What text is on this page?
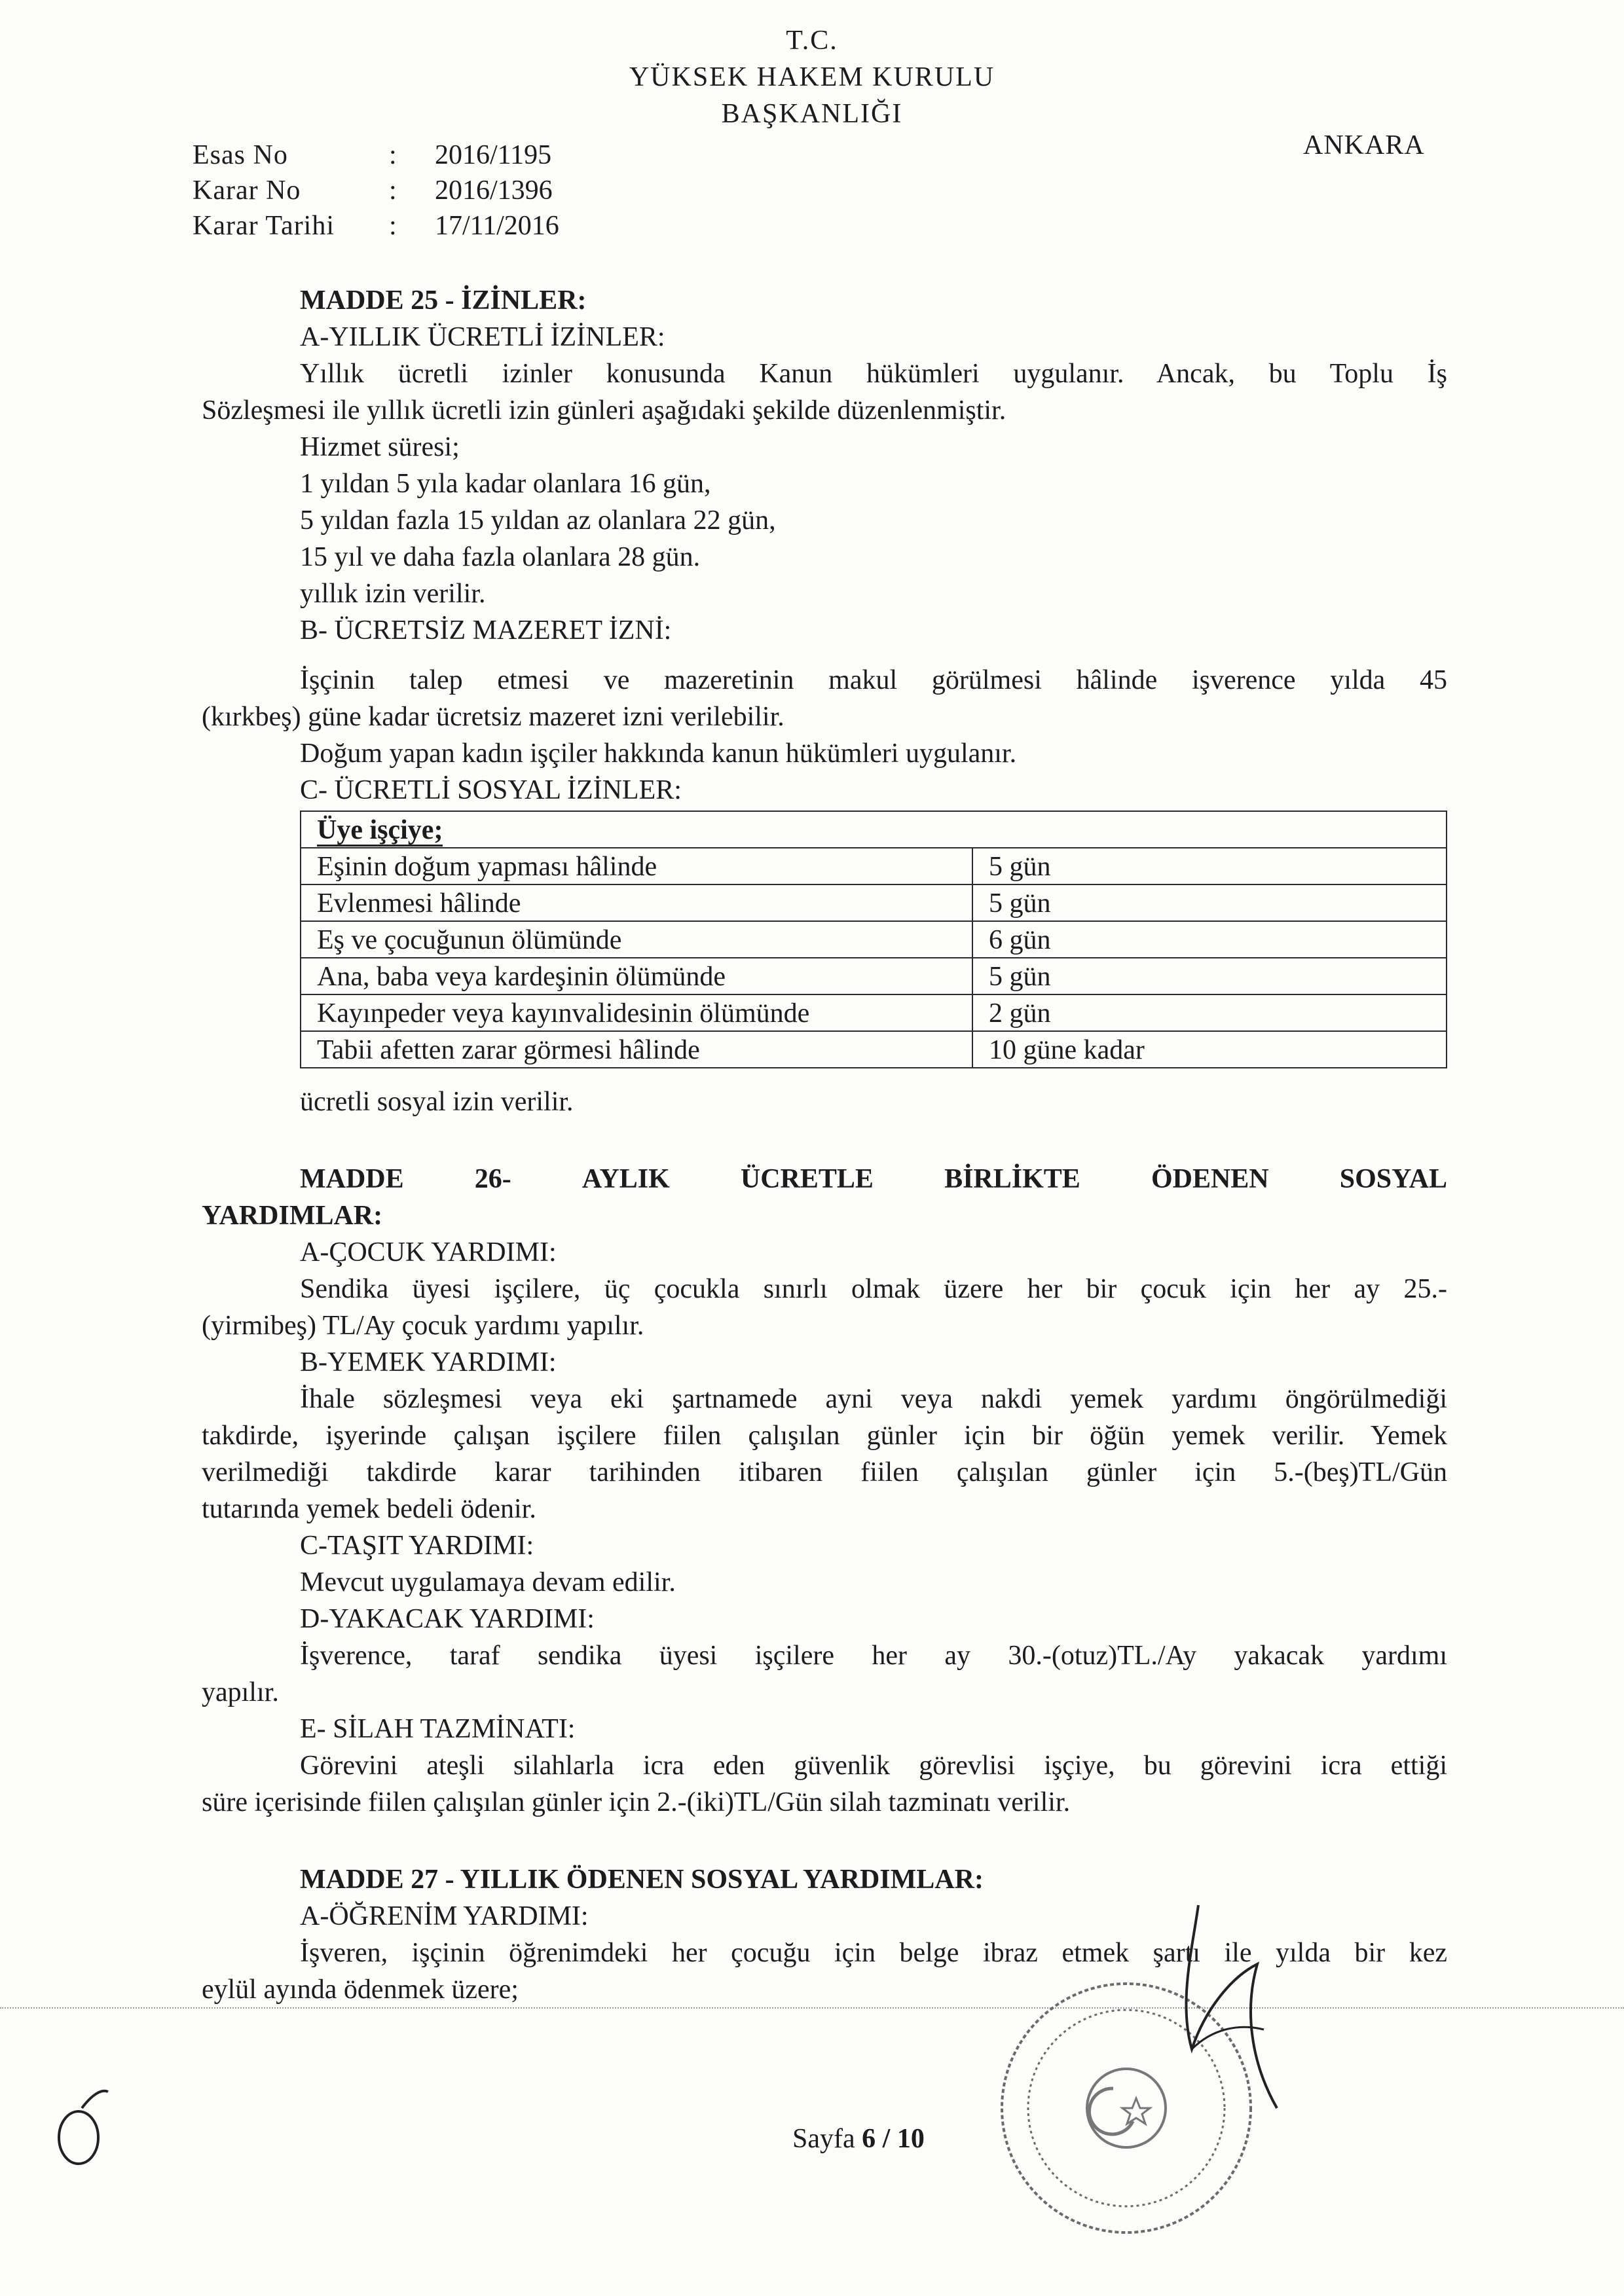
T.C.
YÜKSEK HAKEM KURULU
BAŞKANLIĞI
ANKARA
Esas No	: 2016/1195
Karar No	: 2016/1396
Karar Tarihi : 17/11/2016
MADDE 25 - İZİNLER:
A-YILLIK ÜCRETLİ İZİNLER:
Yıllık ücretli izinler konusunda Kanun hükümleri uygulanır. Ancak, bu Toplu İş
Sözleşmesi ile yıllık ücretli izin günleri aşağıdaki şekilde düzenlenmiştir.
Hizmet süresi;
1 yıldan 5 yıla kadar olanlara 16 gün,
5 yıldan fazla 15 yıldan az olanlara 22 gün,
15 yıl ve daha fazla olanlara 28 gün.
yıllık izin verilir.
B- ÜCRETSİZ MAZERET İZNİ:
İşçinin talep etmesi ve mazeretinin makul görülmesi hâlinde işverence yılda 45
(kırkbeş) güne kadar ücretsiz mazeret izni verilebilir.
Doğum yapan kadın işçiler hakkında kanun hükümleri uygulanır.
C- ÜCRETLİ SOSYAL İZİNLER:
Üye işçiye;	
Eşinin doğum yapması hâlinde	5 gün
Evlenmesi hâlinde	5 gün
Eş ve çocuğunun ölümünde	6 gün
Ana, baba veya kardeşinin ölümünde	5 gün
Kayınpeder veya kayınvalidesinin ölümünde	2 gün
Tabii afetten zarar görmesi hâlinde	10 güne kadar
ücretli sosyal izin verilir.
MADDE	26-	AYLIK	ÜCRETLE	BİRLİKTE	ÖDENEN	SOSYAL
YARDIMLAR:
A-ÇOCUK YARDIMI:
Sendika üyesi işçilere, üç çocukla sınırlı olmak üzere her bir çocuk için her ay 25.-
(yirmibeş) TL/Ay çocuk yardımı yapılır.
B-YEMEK YARDIMI:
İhale sözleşmesi veya eki şartnamede ayni veya nakdi yemek yardımı öngörülmediği
takdirde, işyerinde çalışan işçilere fiilen çalışılan günler için bir öğün yemek verilir. Yemek
verilmediği takdirde karar tarihinden itibaren fiilen çalışılan günler için 5.-(beş)TL/Gün
tutarında yemek bedeli ödenir.
C-TAŞIT YARDIMI:
Mevcut uygulamaya devam edilir.
D-YAKACAK YARDIMI:
İşverence, taraf sendika üyesi işçilere her ay 30.-(otuz)TL./Ay yakacak yardımı
yapılır.
E- SİLAH TAZMİNATI:
Görevini ateşli silahlarla icra eden güvenlik görevlisi işçiye, bu görevini icra ettiği
süre içerisinde fiilen çalışılan günler için 2.-(iki)TL/Gün silah tazminatı verilir.
MADDE 27 - YILLIK ÖDENEN SOSYAL YARDIMLAR:
A-ÖĞRENİM YARDIMI:
İşveren, işçinin öğrenimdeki her çocuğu için belge ibraz etmek şartı ile yılda bir kez
eylül ayında ödenmek üzere;
Sayfa 6 / 10
